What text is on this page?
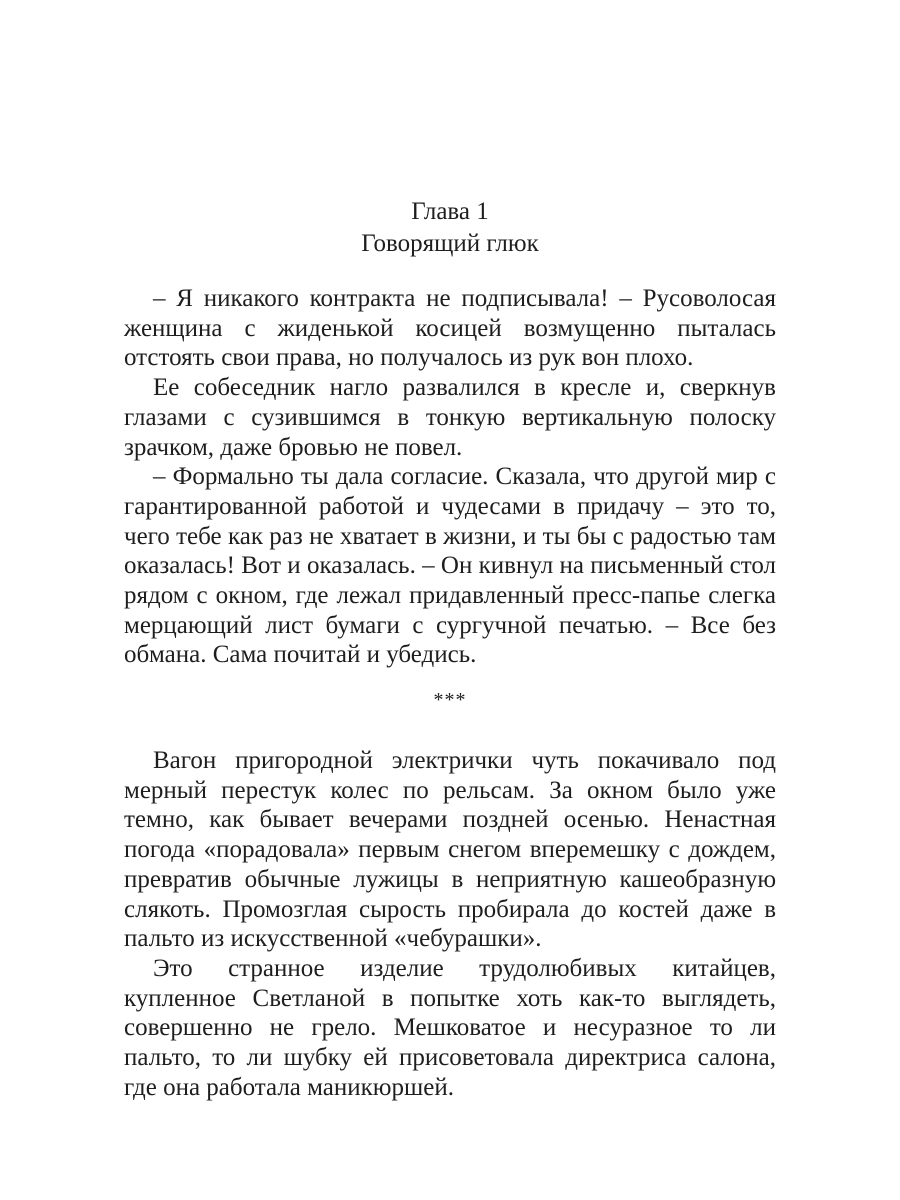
Глава 1
Говорящий глюк

– Я никакого контракта не подписывала! – Русоволосая женщина с жиденькой косицей возмущенно пыталась отстоять свои права, но получалось из рук вон плохо.

Ее собеседник нагло развалился в кресле и, сверкнув глазами с сузившимся в тонкую вертикальную полоску зрачком, даже бровью не повел.

– Формально ты дала согласие. Сказала, что другой мир с гарантированной работой и чудесами в придачу – это то, чего тебе как раз не хватает в жизни, и ты бы с радостью там оказалась! Вот и оказалась. – Он кивнул на письменный стол рядом с окном, где лежал придавленный пресс-папье слегка мерцающий лист бумаги с сургучной печатью. – Все без обмана. Сама почитай и убедись.

***

Вагон пригородной электрички чуть покачивало под мерный перестук колес по рельсам. За окном было уже темно, как бывает вечерами поздней осенью. Ненастная погода «порадовала» первым снегом вперемешку с дождем, превратив обычные лужицы в неприятную кашеобразную слякоть. Промозглая сырость пробирала до костей даже в пальто из искусственной «чебурашки».

Это странное изделие трудолюбивых китайцев, купленное Светланой в попытке хоть как-то выглядеть, совершенно не грело. Мешковатое и несуразное то ли пальто, то ли шубку ей присоветовала директриса салона, где она работала маникюршей.
